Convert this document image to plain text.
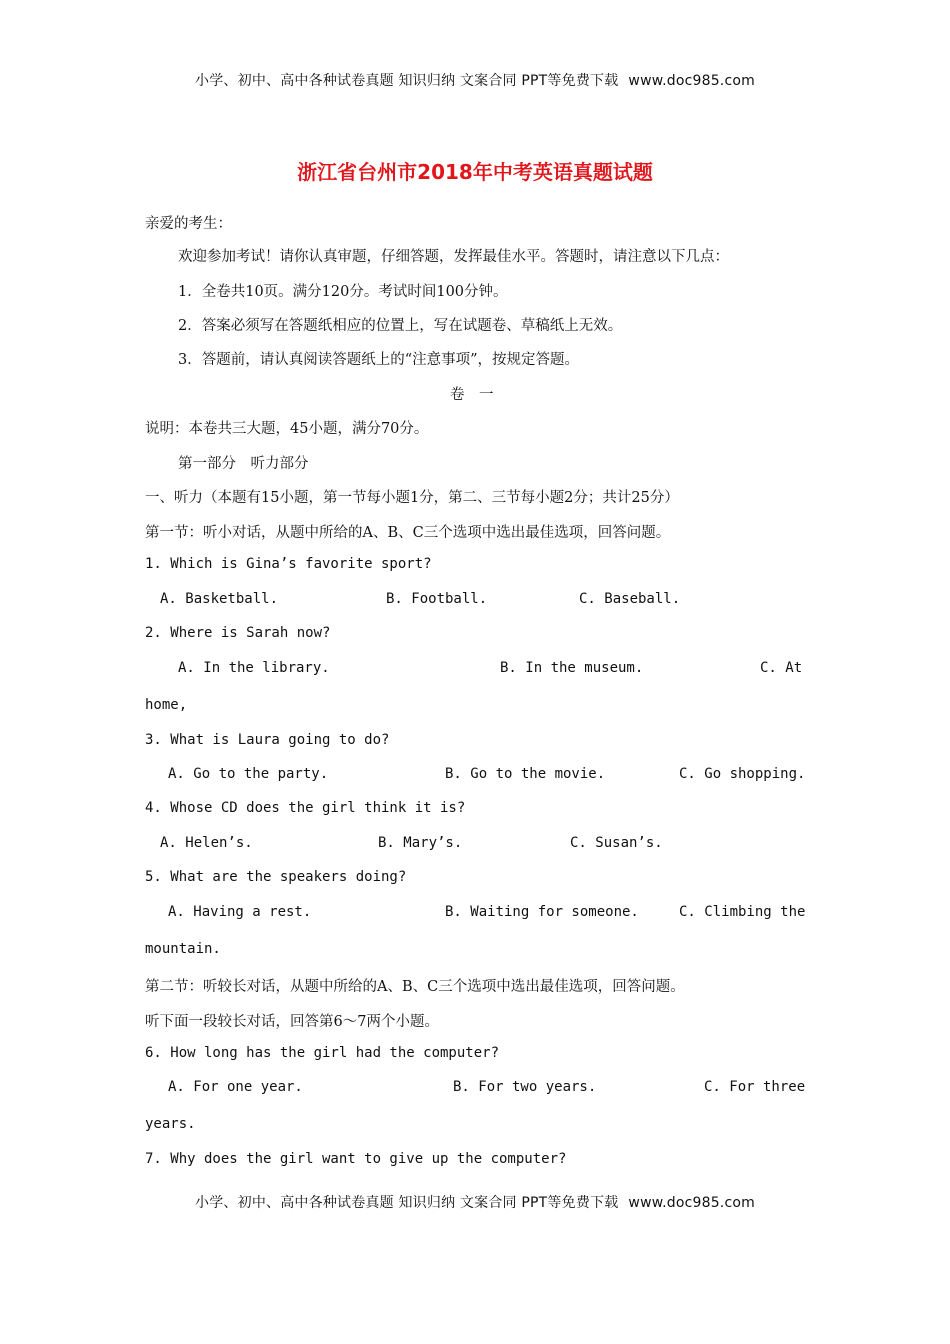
小学、初中、高中各种试卷真题 知识归纳 文案合同 PPT等免费下载 www.doc985.com
浙江省台州市2018年中考英语真题试题
亲爱的考生：
欢迎参加考试！请你认真审题，仔细答题，发挥最佳水平。答题时，请注意以下几点：
1．全卷共10页。满分120分。考试时间100分钟。
2．答案必须写在答题纸相应的位置上，写在试题卷、草稿纸上无效。
3．答题前，请认真阅读答题纸上的“注意事项”，按规定答题。
卷　一
说明：本卷共三大题，45小题，满分70分。
第一部分　听力部分
一、听力（本题有15小题，第一节每小题1分，第二、三节每小题2分；共计25分）
第一节：听小对话，从题中所给的A、B、C三个选项中选出最佳选项，回答问题。
1. Which is Gina’s favorite sport?
A. Basketball.	B. Football.	C. Baseball.
2. Where is Sarah now?
A. In the library.	B. In the museum.	C. At
home,
3. What is Laura going to do?
A. Go to the party.	B. Go to the movie.	C. Go shopping.
4. Whose CD does the girl think it is?
A. Helen’s.	B. Mary’s.	C. Susan’s.
5. What are the speakers doing?
A. Having a rest.	B. Waiting for someone.	C. Climbing the
mountain.
第二节：听较长对话，从题中所给的A、B、C三个选项中选出最佳选项，回答问题。
听下面一段较长对话，回答第6～7两个小题。
6. How long has the girl had the computer?
A. For one year.	B. For two years.	C. For three
years.
7. Why does the girl want to give up the computer?
小学、初中、高中各种试卷真题 知识归纳 文案合同 PPT等免费下载 www.doc985.com
